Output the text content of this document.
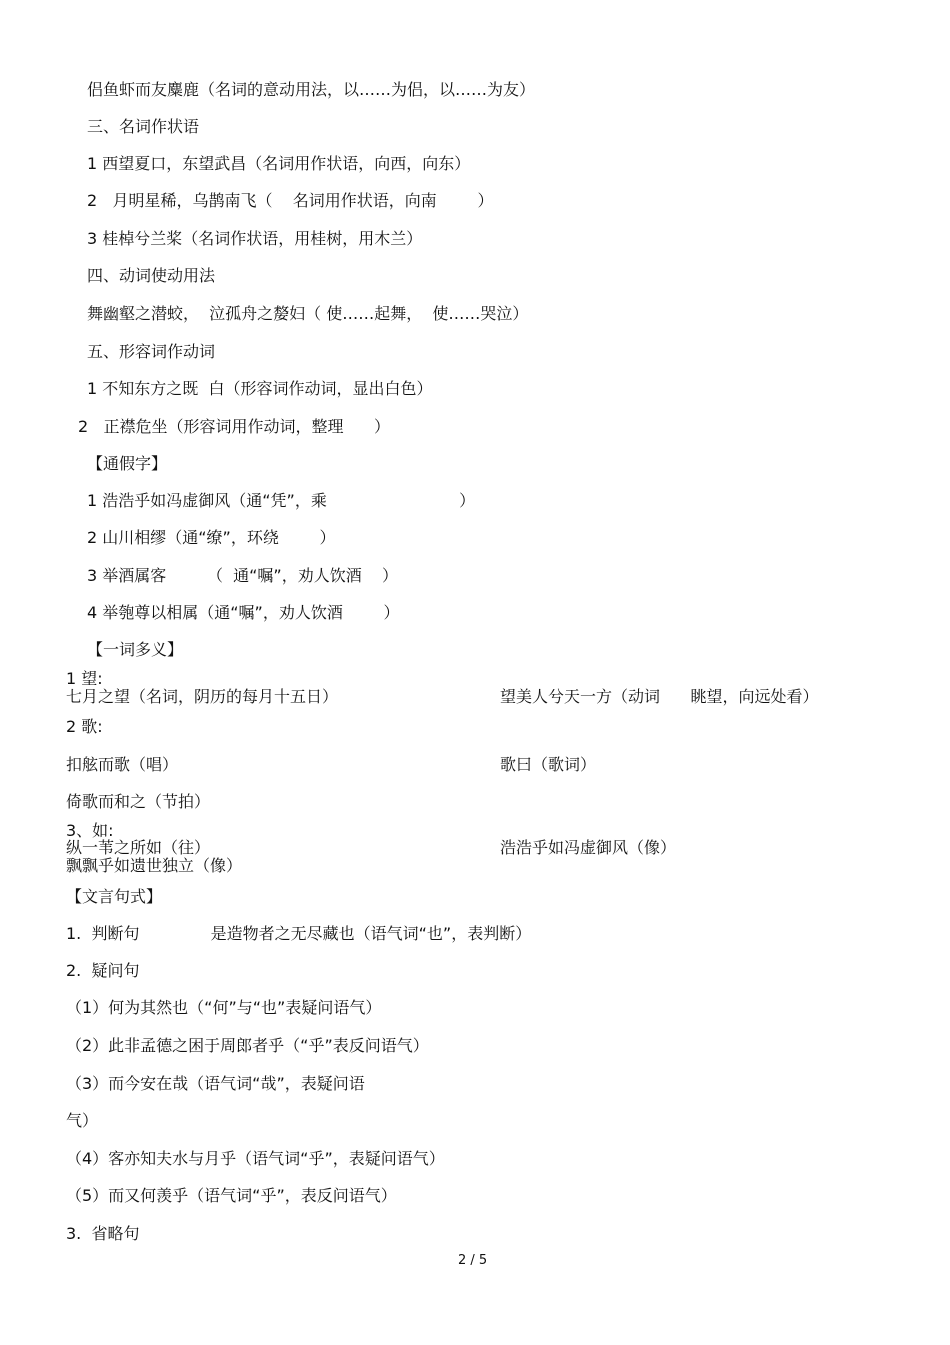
侣鱼虾而友麋鹿（名词的意动用法，以……为侣，以……为友）
三、名词作状语
1 西望夏口，东望武昌（名词用作状语，向西，向东）
2   月明星稀，乌鹊南飞（    名词用作状语，向南        ）
3 桂棹兮兰桨（名词作状语，用桂树，用木兰）
四、动词使动用法
舞幽壑之潜蛟，  泣孤舟之嫠妇（ 使……起舞，  使……哭泣）
五、形容词作动词
1 不知东方之既  白（形容词作动词，显出白色）
2   正襟危坐（形容词用作动词，整理      ）
【通假字】
1 浩浩乎如冯虚御风（通“凭”，乘                          ）
2 山川相缪（通“缭”，环绕        ）
3 举酒属客        （  通“嘱”，劝人饮酒    ）
4 举匏尊以相属（通“嘱”，劝人饮酒        ）
【一词多义】
1 望:
七月之望（名词，阴历的每月十五日）	望美人兮天一方（动词      眺望，向远处看）
2 歌:
扣舷而歌（唱）	歌曰（歌词）
倚歌而和之（节拍）
3、如:
纵一苇之所如（往）	浩浩乎如冯虚御风（像）
飘飘乎如遗世独立（像）
【文言句式】
1.  判断句              是造物者之无尽藏也（语气词“也”，表判断）
2.  疑问句
（1）何为其然也（“何”与“也”表疑问语气）
（2）此非孟德之困于周郎者乎（“乎”表反问语气）
（3）而今安在哉（语气词“哉”，表疑问语
气）
（4）客亦知夫水与月乎（语气词“乎”，表疑问语气）
（5）而又何羡乎（语气词“乎”，表反问语气）
3.  省略句
2 / 5
